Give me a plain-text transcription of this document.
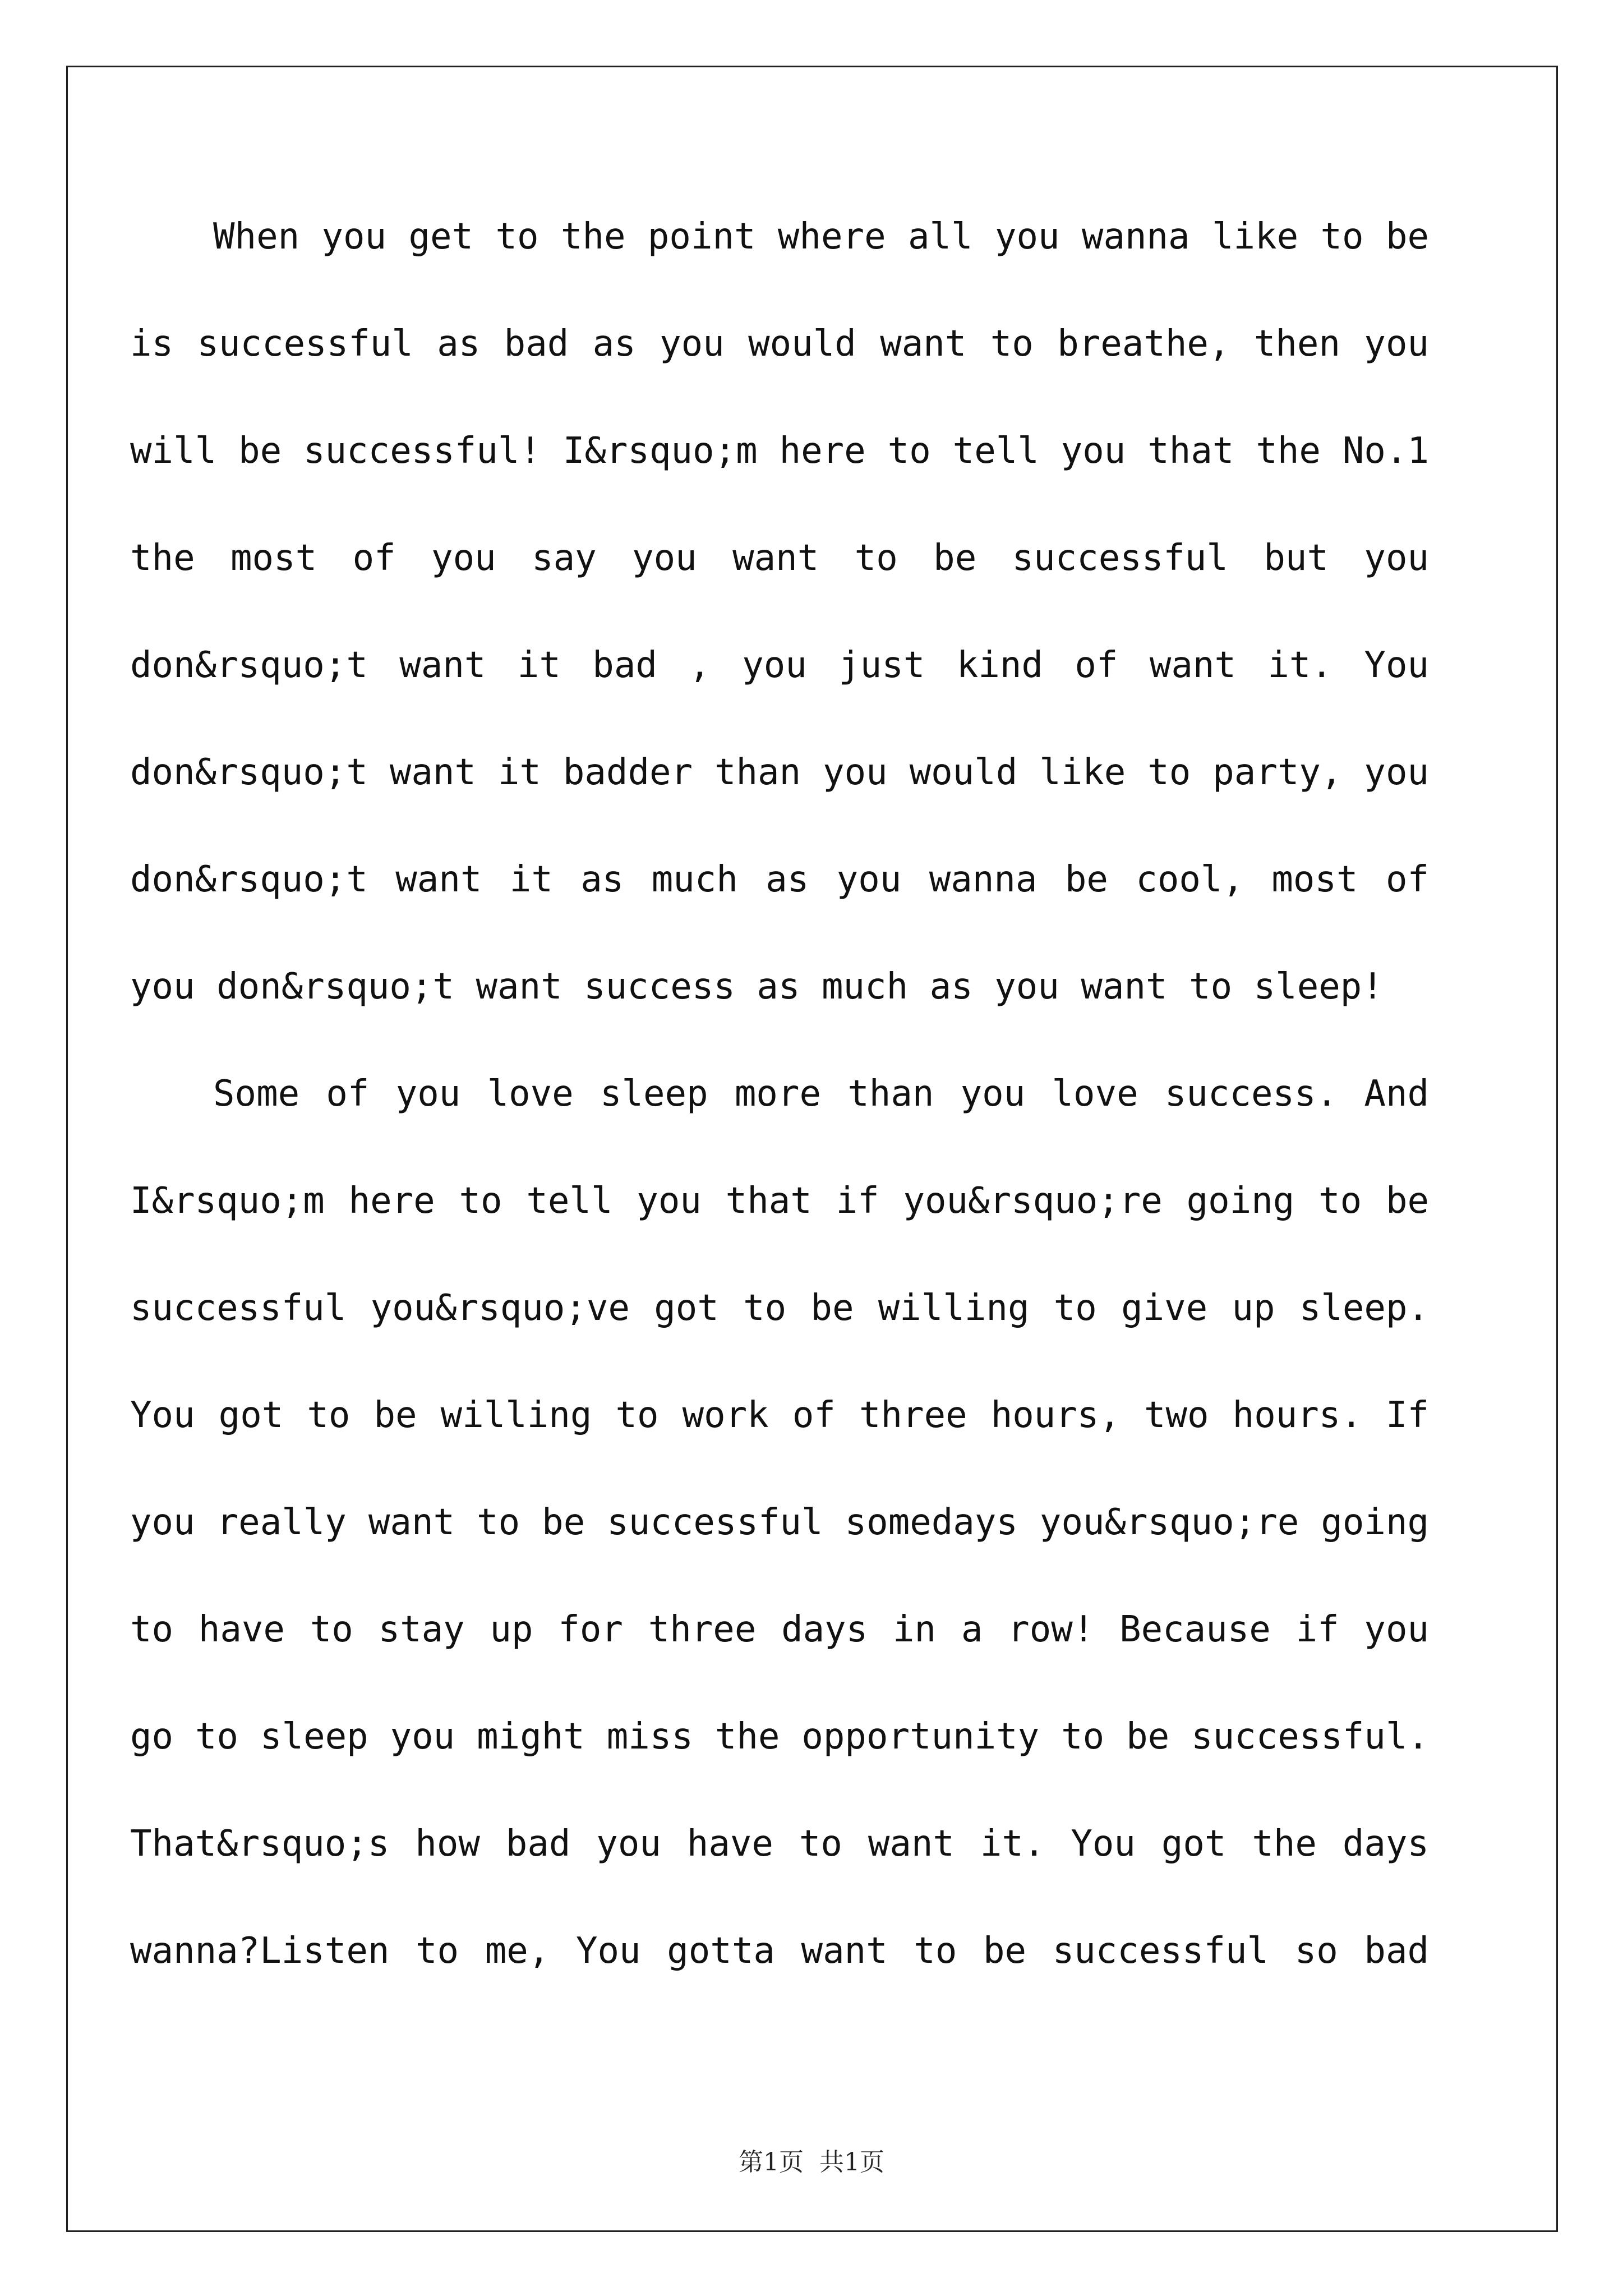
When you get to the point where all you wanna like to be
is successful as bad as you would want to breathe, then you
will be successful! I&rsquo;m here to tell you that the No.1
the most of you say you want to be successful but you
don&rsquo;t want it bad , you just kind of want it. You
don&rsquo;t want it badder than you would like to party, you
don&rsquo;t want it as much as you wanna be cool, most of
you don&rsquo;t want success as much as you want to sleep!
Some of you love sleep more than you love success. And
I&rsquo;m here to tell you that if you&rsquo;re going to be
successful you&rsquo;ve got to be willing to give up sleep.
You got to be willing to work of three hours, two hours. If
you really want to be successful somedays you&rsquo;re going
to have to stay up for three days in a row! Because if you
go to sleep you might miss the opportunity to be successful.
That&rsquo;s how bad you have to want it. You got the days
wanna?Listen to me, You gotta want to be successful so bad
第1页  共1页
